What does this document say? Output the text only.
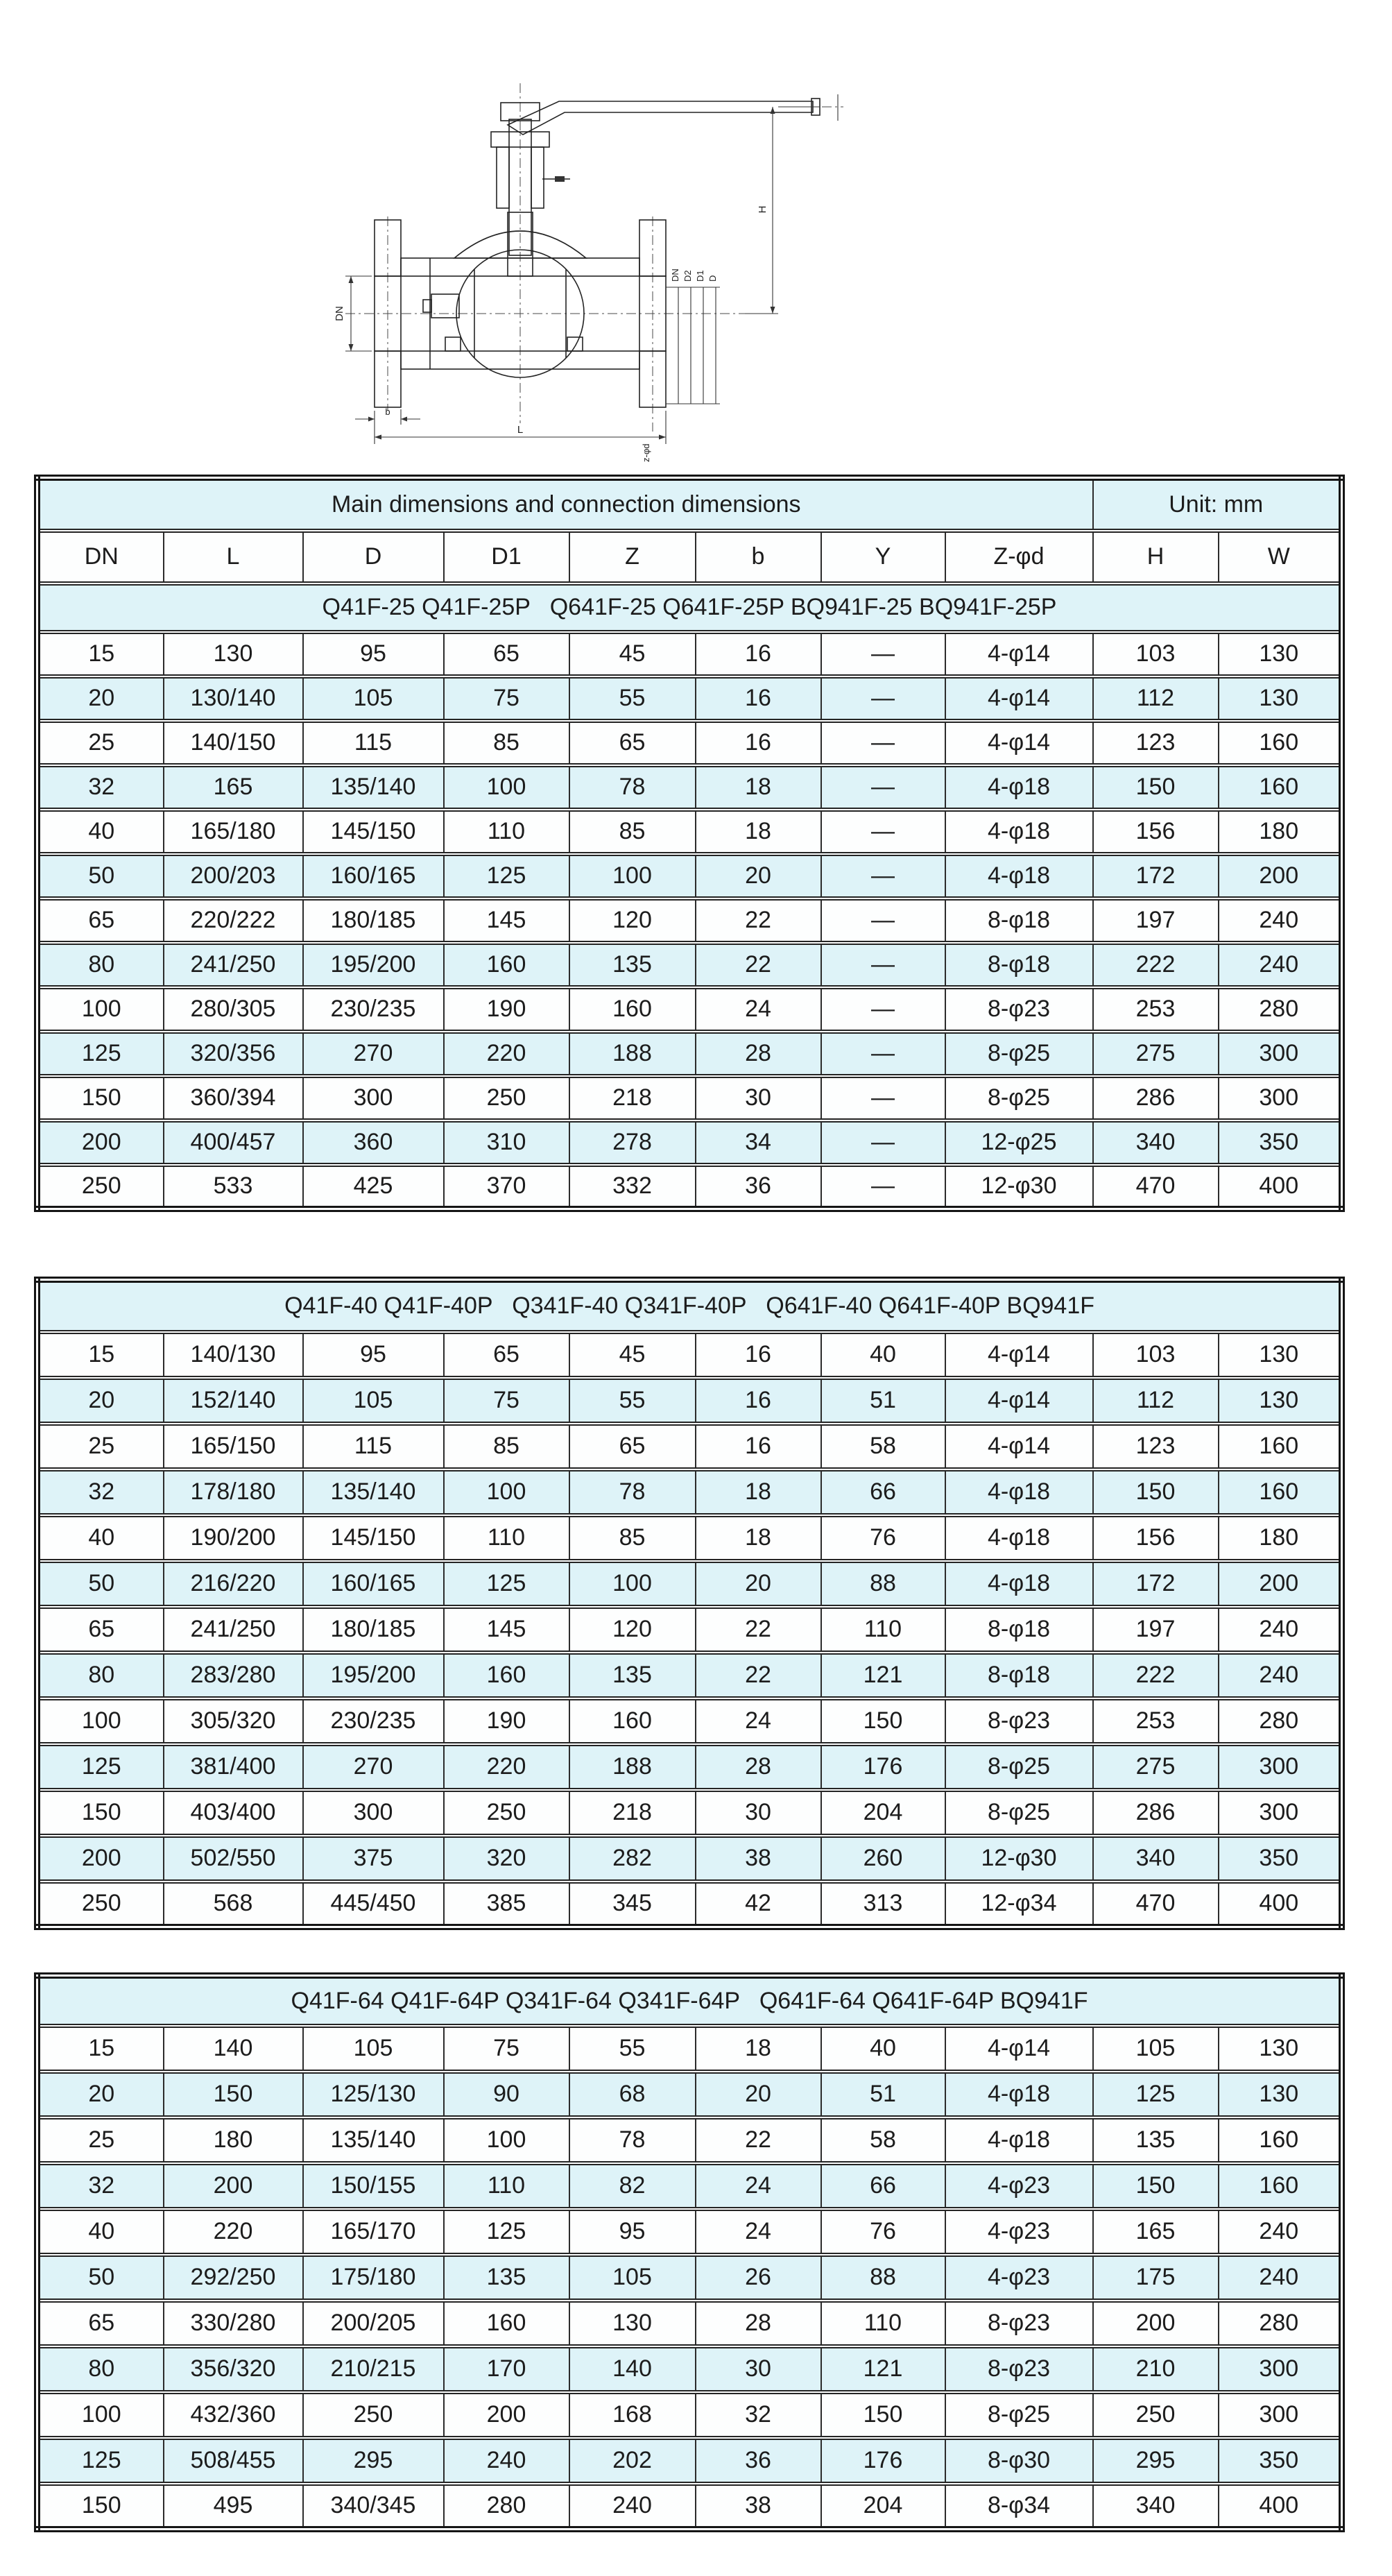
DN
L
b
z-φd
H
DN D2 D1 D
Main dimensions and connection dimensions								Unit: mm	
DN	L	D	D1	Z	b	Y	Z-φd	H	W
Q41F-25 Q41F-25P   Q641F-25 Q641F-25P BQ941F-25 BQ941F-25P									
15	130	95	65	45	16	—	4-φ14	103	130
20	130/140	105	75	55	16	—	4-φ14	112	130
25	140/150	115	85	65	16	—	4-φ14	123	160
32	165	135/140	100	78	18	—	4-φ18	150	160
40	165/180	145/150	110	85	18	—	4-φ18	156	180
50	200/203	160/165	125	100	20	—	4-φ18	172	200
65	220/222	180/185	145	120	22	—	8-φ18	197	240
80	241/250	195/200	160	135	22	—	8-φ18	222	240
100	280/305	230/235	190	160	24	—	8-φ23	253	280
125	320/356	270	220	188	28	—	8-φ25	275	300
150	360/394	300	250	218	30	—	8-φ25	286	300
200	400/457	360	310	278	34	—	12-φ25	340	350
250	533	425	370	332	36	—	12-φ30	470	400
Q41F-40 Q41F-40P   Q341F-40 Q341F-40P   Q641F-40 Q641F-40P BQ941F									
15	140/130	95	65	45	16	40	4-φ14	103	130
20	152/140	105	75	55	16	51	4-φ14	112	130
25	165/150	115	85	65	16	58	4-φ14	123	160
32	178/180	135/140	100	78	18	66	4-φ18	150	160
40	190/200	145/150	110	85	18	76	4-φ18	156	180
50	216/220	160/165	125	100	20	88	4-φ18	172	200
65	241/250	180/185	145	120	22	110	8-φ18	197	240
80	283/280	195/200	160	135	22	121	8-φ18	222	240
100	305/320	230/235	190	160	24	150	8-φ23	253	280
125	381/400	270	220	188	28	176	8-φ25	275	300
150	403/400	300	250	218	30	204	8-φ25	286	300
200	502/550	375	320	282	38	260	12-φ30	340	350
250	568	445/450	385	345	42	313	12-φ34	470	400
Q41F-64 Q41F-64P Q341F-64 Q341F-64P   Q641F-64 Q641F-64P BQ941F									
15	140	105	75	55	18	40	4-φ14	105	130
20	150	125/130	90	68	20	51	4-φ18	125	130
25	180	135/140	100	78	22	58	4-φ18	135	160
32	200	150/155	110	82	24	66	4-φ23	150	160
40	220	165/170	125	95	24	76	4-φ23	165	240
50	292/250	175/180	135	105	26	88	4-φ23	175	240
65	330/280	200/205	160	130	28	110	8-φ23	200	280
80	356/320	210/215	170	140	30	121	8-φ23	210	300
100	432/360	250	200	168	32	150	8-φ25	250	300
125	508/455	295	240	202	36	176	8-φ30	295	350
150	495	340/345	280	240	38	204	8-φ34	340	400
